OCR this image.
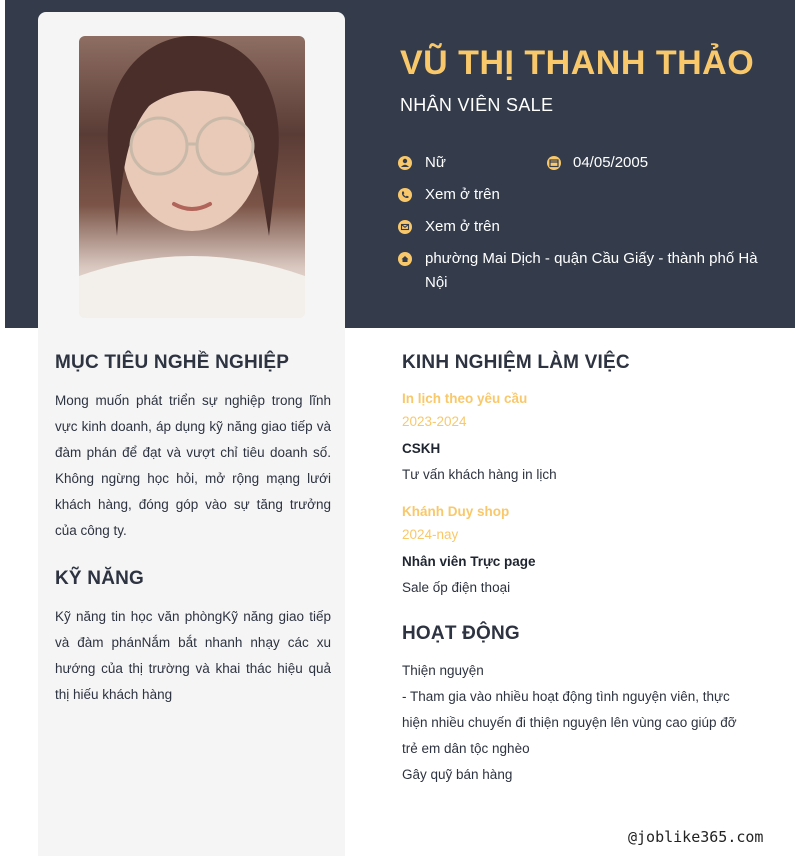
VŨ THỊ THANH THẢO
NHÂN VIÊN SALE
Nữ	04/05/2005
Xem ở trên
Xem ở trên
phường Mai Dịch - quận Cầu Giấy - thành phố Hà Nội
MỤC TIÊU NGHỀ NGHIỆP
Mong muốn phát triển sự nghiệp trong lĩnh vực kinh doanh, áp dụng kỹ năng giao tiếp và đàm phán để đạt và vượt chỉ tiêu doanh số. Không ngừng học hỏi, mở rộng mạng lưới khách hàng, đóng góp vào sự tăng trưởng của công ty.
KỸ NĂNG
Kỹ năng tin học văn phòngKỹ năng giao tiếp và đàm phánNắm bắt nhanh nhạy các xu hướng của thị trường và khai thác hiệu quả thị hiếu khách hàng
KINH NGHIỆM LÀM VIỆC
In lịch theo yêu cầu
2023-2024
CSKH
Tư vấn khách hàng in lịch
Khánh Duy shop
2024-nay
Nhân viên Trực page
Sale ốp điện thoại
HOẠT ĐỘNG
Thiện nguyện
- Tham gia vào nhiều hoạt động tình nguyện viên, thực hiện nhiều chuyến đi thiện nguyện lên vùng cao giúp đỡ trẻ em dân tộc nghèo
Gây quỹ bán hàng
@joblike365.com
